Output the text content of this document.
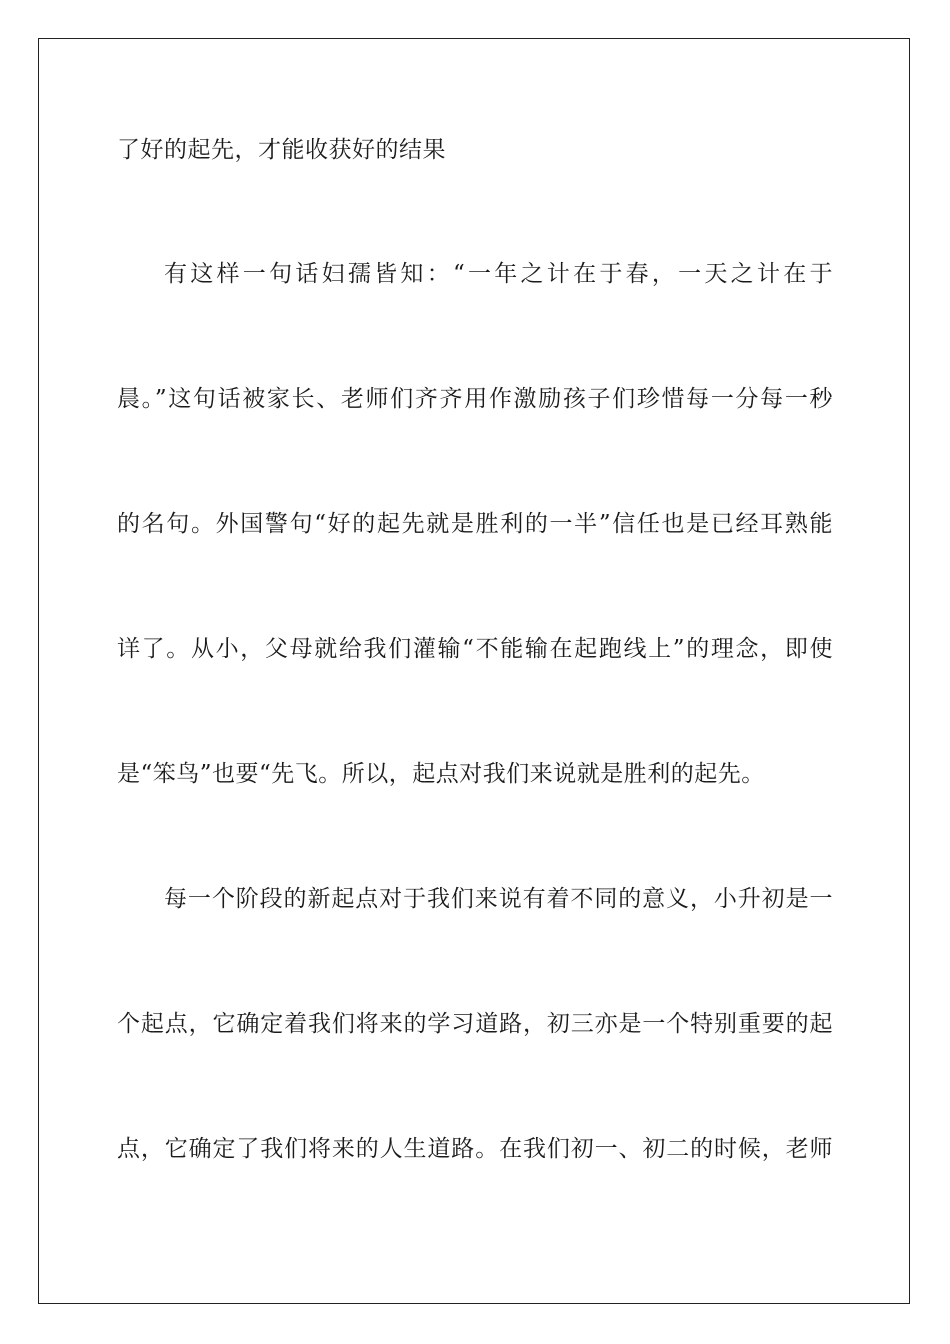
了好的起先，才能收获好的结果
有这样一句话妇孺皆知：“一年之计在于春，一天之计在于
晨。”这句话被家长、老师们齐齐用作激励孩子们珍惜每一分每一秒
的名句。外国警句“好的起先就是胜利的一半”信任也是已经耳熟能
详了。从小，父母就给我们灌输“不能输在起跑线上”的理念，即使
是“笨鸟”也要“先飞。所以，起点对我们来说就是胜利的起先。
每一个阶段的新起点对于我们来说有着不同的意义，小升初是一
个起点，它确定着我们将来的学习道路，初三亦是一个特别重要的起
点，它确定了我们将来的人生道路。在我们初一、初二的时候，老师
